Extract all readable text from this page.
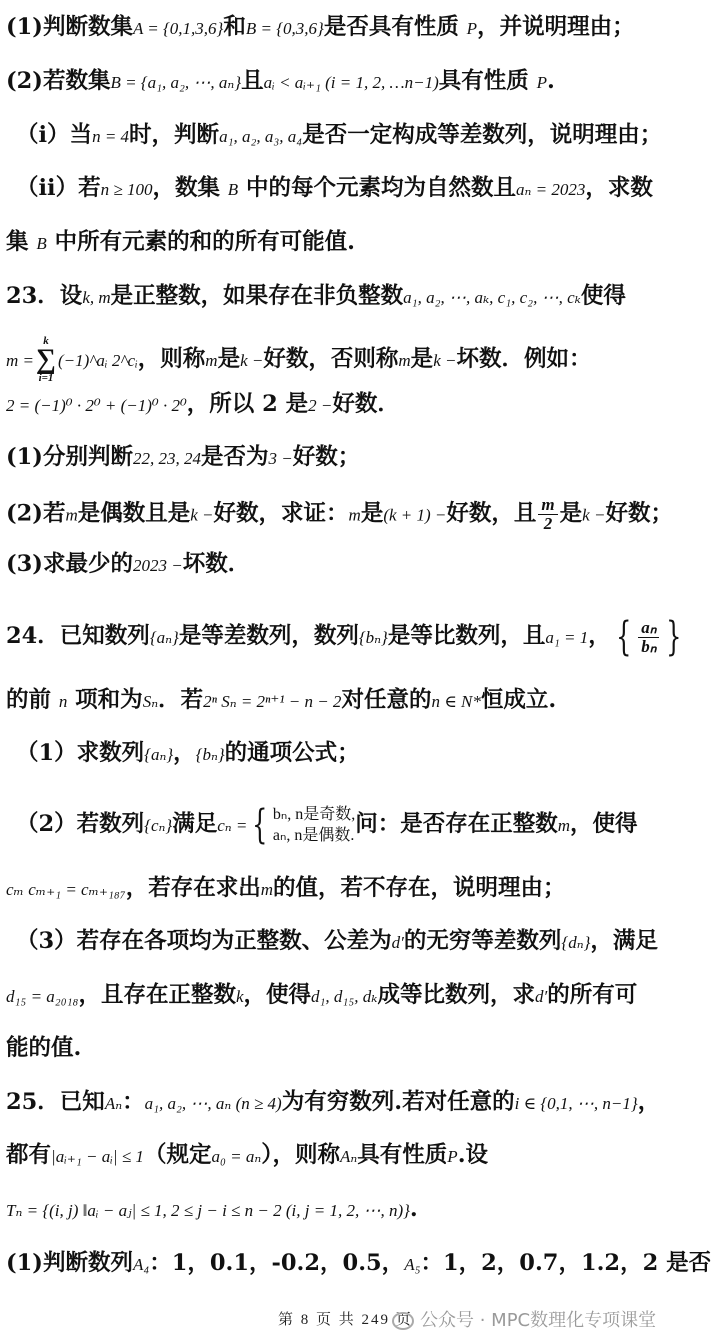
(1)判断数集A = {0,1,3,6}和B = {0,3,6}是否具有性质 P，并说明理由；
(2)若数集B = {a₁, a₂, ⋯, aₙ}且aᵢ < aᵢ₊₁ (i = 1, 2, …n−1)具有性质 P.
（i）当n = 4时，判断a₁, a₂, a₃, a₄是否一定构成等差数列，说明理由；
（ii）若n ≥ 100，数集 B 中的每个元素均为自然数且aₙ = 2023，求数
集 B 中所有元素的和的所有可能值.
23．设k, m是正整数，如果存在非负整数a₁, a₂, ⋯, aₖ, c₁, c₂, ⋯, cₖ使得
m =
k
∑
i=1
(−1)^aᵢ 2^cᵢ，则称m是k −好数，否则称m是k −坏数．例如：
2 = (−1)⁰ · 2⁰ + (−1)⁰ · 2⁰，所以 2 是2 −好数．
(1)分别判断22, 23, 24是否为3 −好数；
(2)若m是偶数且是k −好数，求证：m是(k + 1) −好数，且 $\frac{m}{2}$ 是k −好数；
(3)求最少的2023 −坏数．
24．已知数列{aₙ}是等差数列，数列{bₙ}是等比数列，且a₁ = 1， { $\frac{\text{aₙ}}{\text{bₙ}}$ }
的前 n 项和为Sₙ．若2ⁿ Sₙ = 2ⁿ⁺¹ − n − 2对任意的n ∈ N*恒成立.
（1）求数列{aₙ}，{bₙ}的通项公式；
（2）若数列{cₙ}满足cₙ = { bₙ, n是奇数,
aₙ, n是偶数. 问：是否存在正整数m，使得
cₘ cₘ₊₁ = cₘ₊₁₈₇，若存在求出m的值，若不存在，说明理由；
（3）若存在各项均为正整数、公差为d′的无穷等差数列{dₙ}，满足
d₁₅ = a₂₀₁₈，且存在正整数k，使得d₁, d₁₅, dₖ成等比数列，求d′的所有可
能的值.
25．已知Aₙ：a₁, a₂, ⋯, aₙ (n ≥ 4)为有穷数列.若对任意的i ∈ {0,1, ⋯, n−1}，
都有|aᵢ₊₁ − aᵢ| ≤ 1（规定a₀ = aₙ），则称Aₙ具有性质P.设
Tₙ = {(i, j) ‖aᵢ − aⱼ| ≤ 1, 2 ≤ j − i ≤ n − 2 (i, j = 1, 2, ⋯, n)}.
(1)判断数列A₄：1，0.1，-0.2，0.5，A₅：1，2，0.7，1.2，2 是否
第 8 页 共 249 页 公众号 · MPC数理化专项课堂
